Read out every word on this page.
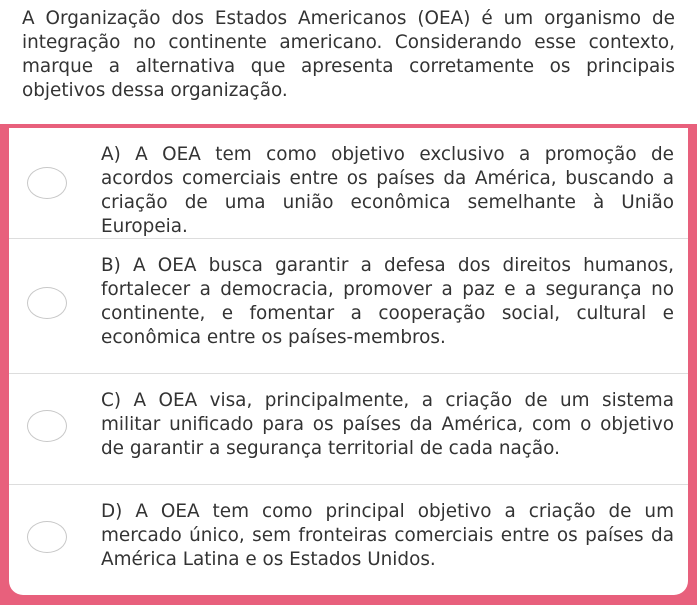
A Organização dos Estados Americanos (OEA) é um organismo de integração no continente americano. Considerando esse contexto, marque a alternativa que apresenta corretamente os principais objetivos dessa organização.

A) A OEA tem como objetivo exclusivo a promoção de acordos comerciais entre os países da América, buscando a criação de uma união econômica semelhante à União Europeia.

B) A OEA busca garantir a defesa dos direitos humanos, fortalecer a democracia, promover a paz e a segurança no continente, e fomentar a cooperação social, cultural e econômica entre os países-membros.

C) A OEA visa, principalmente, a criação de um sistema militar unificado para os países da América, com o objetivo de garantir a segurança territorial de cada nação.

D) A OEA tem como principal objetivo a criação de um mercado único, sem fronteiras comerciais entre os países da América Latina e os Estados Unidos.
